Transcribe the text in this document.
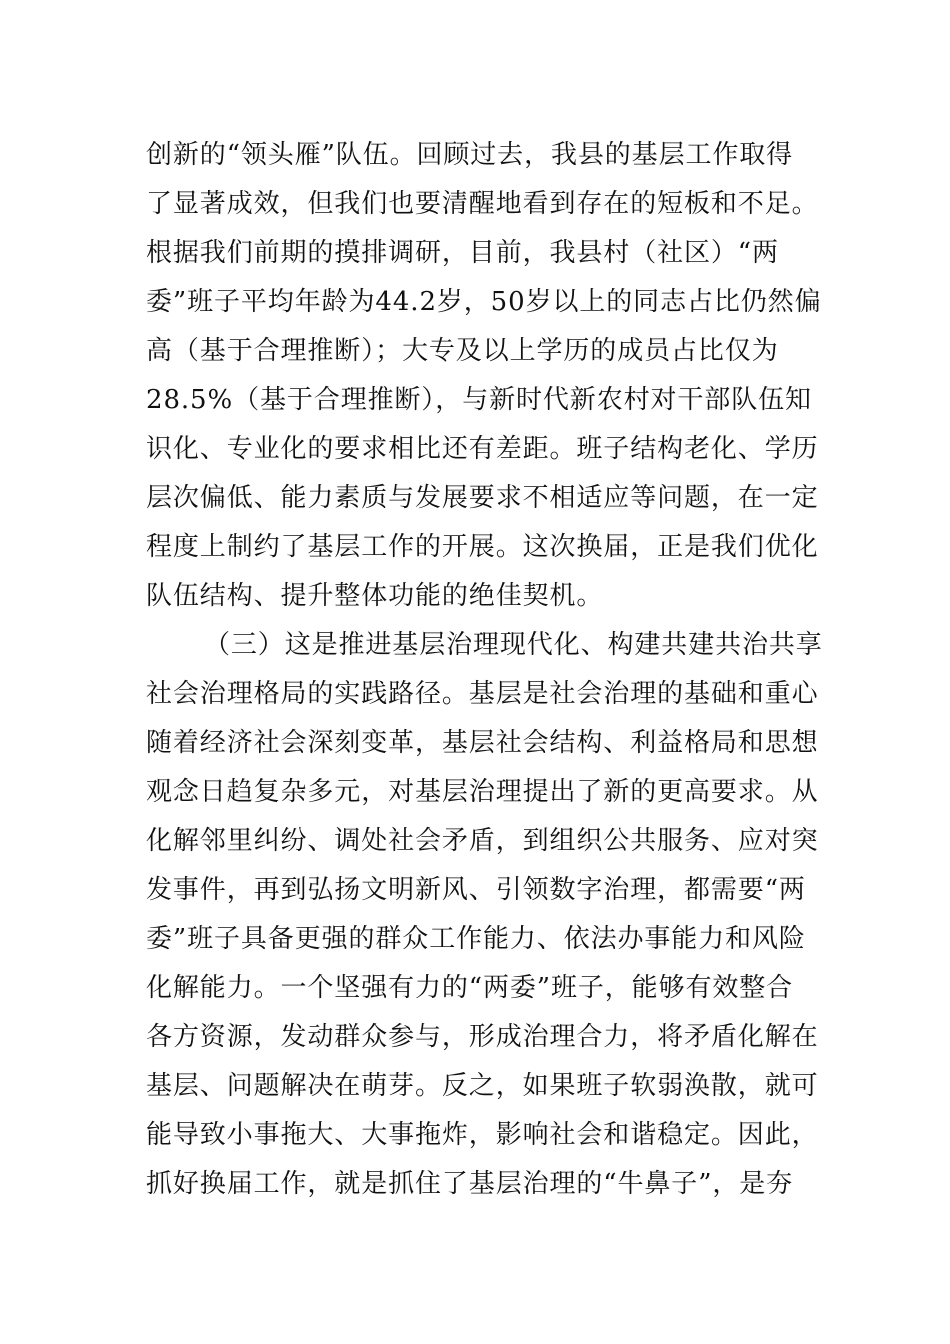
创新的“领头雁”队伍。回顾过去，我县的基层工作取得
了显著成效，但我们也要清醒地看到存在的短板和不足。
根据我们前期的摸排调研，目前，我县村（社区）“两
委”班子平均年龄为44.2岁，50岁以上的同志占比仍然偏
高（基于合理推断）；大专及以上学历的成员占比仅为
28.5%（基于合理推断），与新时代新农村对干部队伍知
识化、专业化的要求相比还有差距。班子结构老化、学历
层次偏低、能力素质与发展要求不相适应等问题，在一定
程度上制约了基层工作的开展。这次换届，正是我们优化
队伍结构、提升整体功能的绝佳契机。
（三）这是推进基层治理现代化、构建共建共治共享
社会治理格局的实践路径。基层是社会治理的基础和重心
随着经济社会深刻变革，基层社会结构、利益格局和思想
观念日趋复杂多元，对基层治理提出了新的更高要求。从
化解邻里纠纷、调处社会矛盾，到组织公共服务、应对突
发事件，再到弘扬文明新风、引领数字治理，都需要“两
委”班子具备更强的群众工作能力、依法办事能力和风险
化解能力。一个坚强有力的“两委”班子，能够有效整合
各方资源，发动群众参与，形成治理合力，将矛盾化解在
基层、问题解决在萌芽。反之，如果班子软弱涣散，就可
能导致小事拖大、大事拖炸，影响社会和谐稳定。因此，
抓好换届工作，就是抓住了基层治理的“牛鼻子”，是夯
